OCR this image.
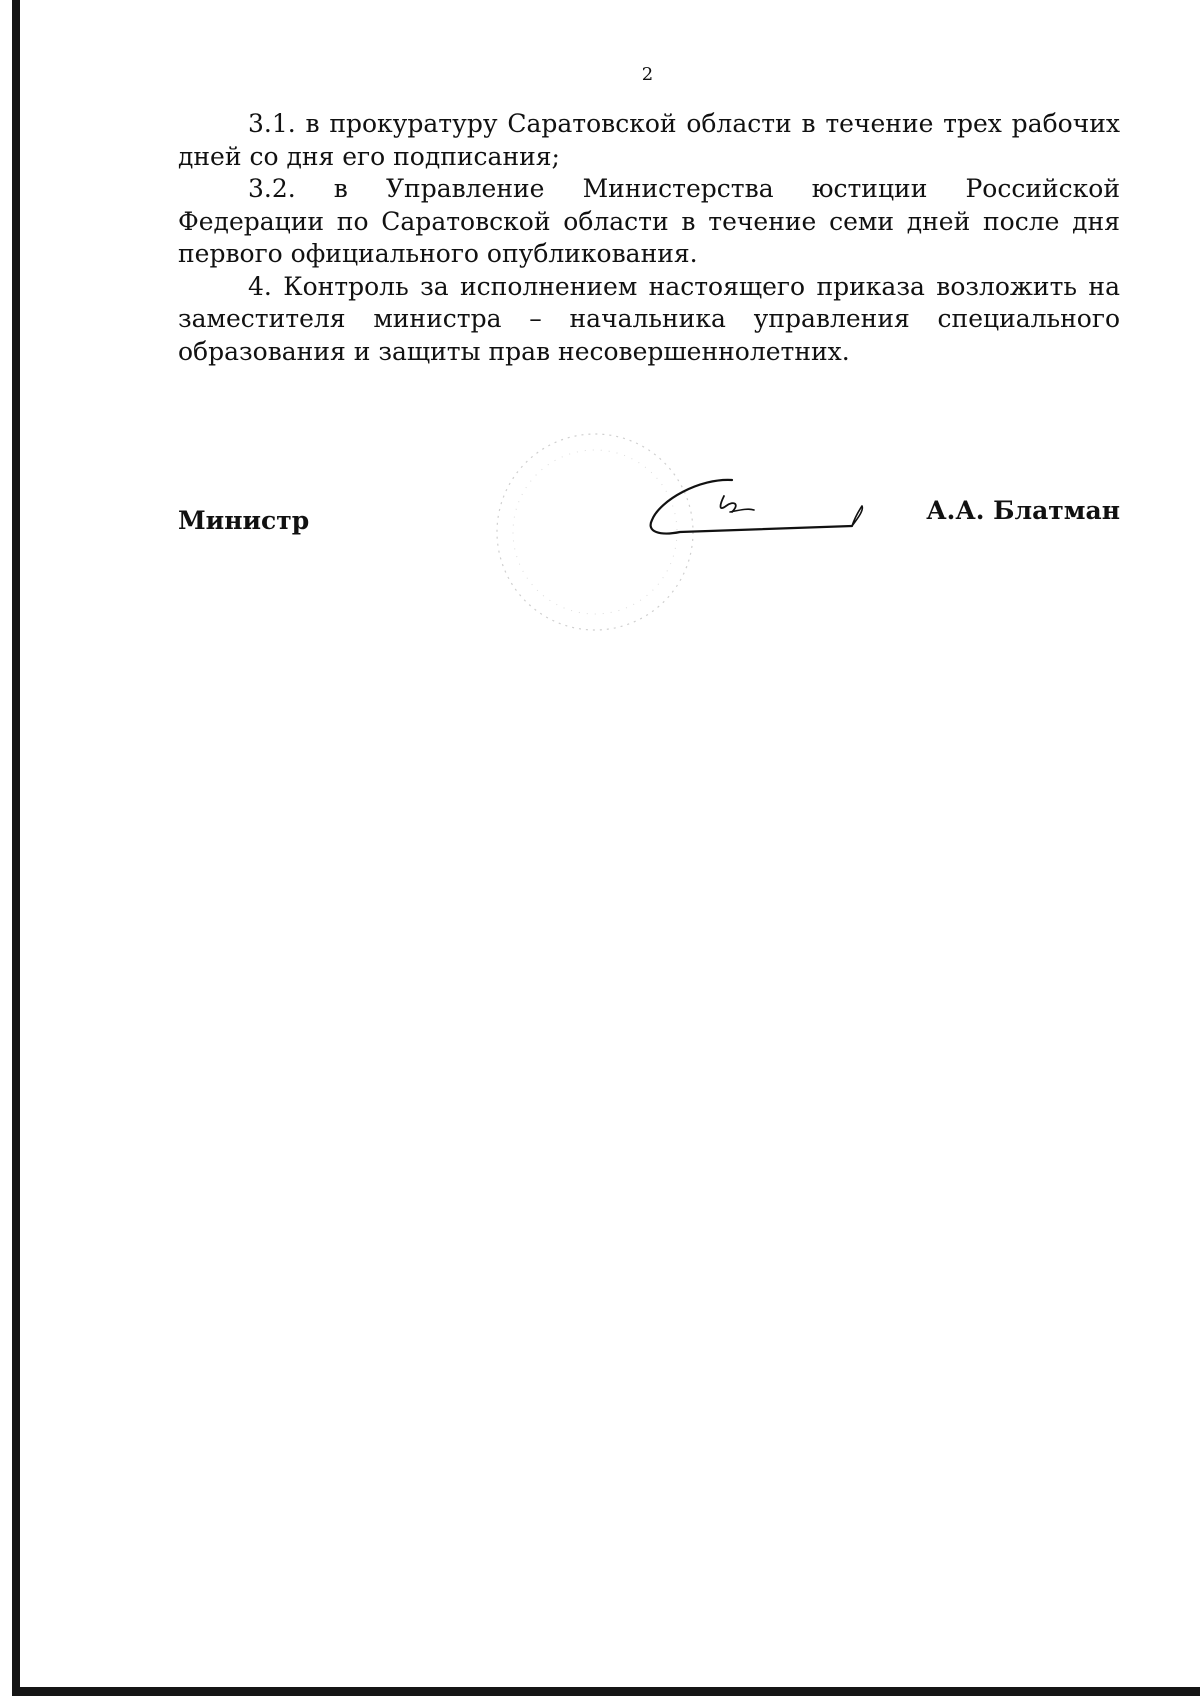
2

3.1. в прокуратуру Саратовской области в течение трех рабочих дней со дня его подписания;

3.2. в Управление Министерства юстиции Российской Федерации по Саратовской области в течение семи дней после дня первого официального опубликования.

4. Контроль за исполнением настоящего приказа возложить на заместителя министра – начальника управления специального образования и защиты прав несовершеннолетних.

Министр	А.А. Блатман
